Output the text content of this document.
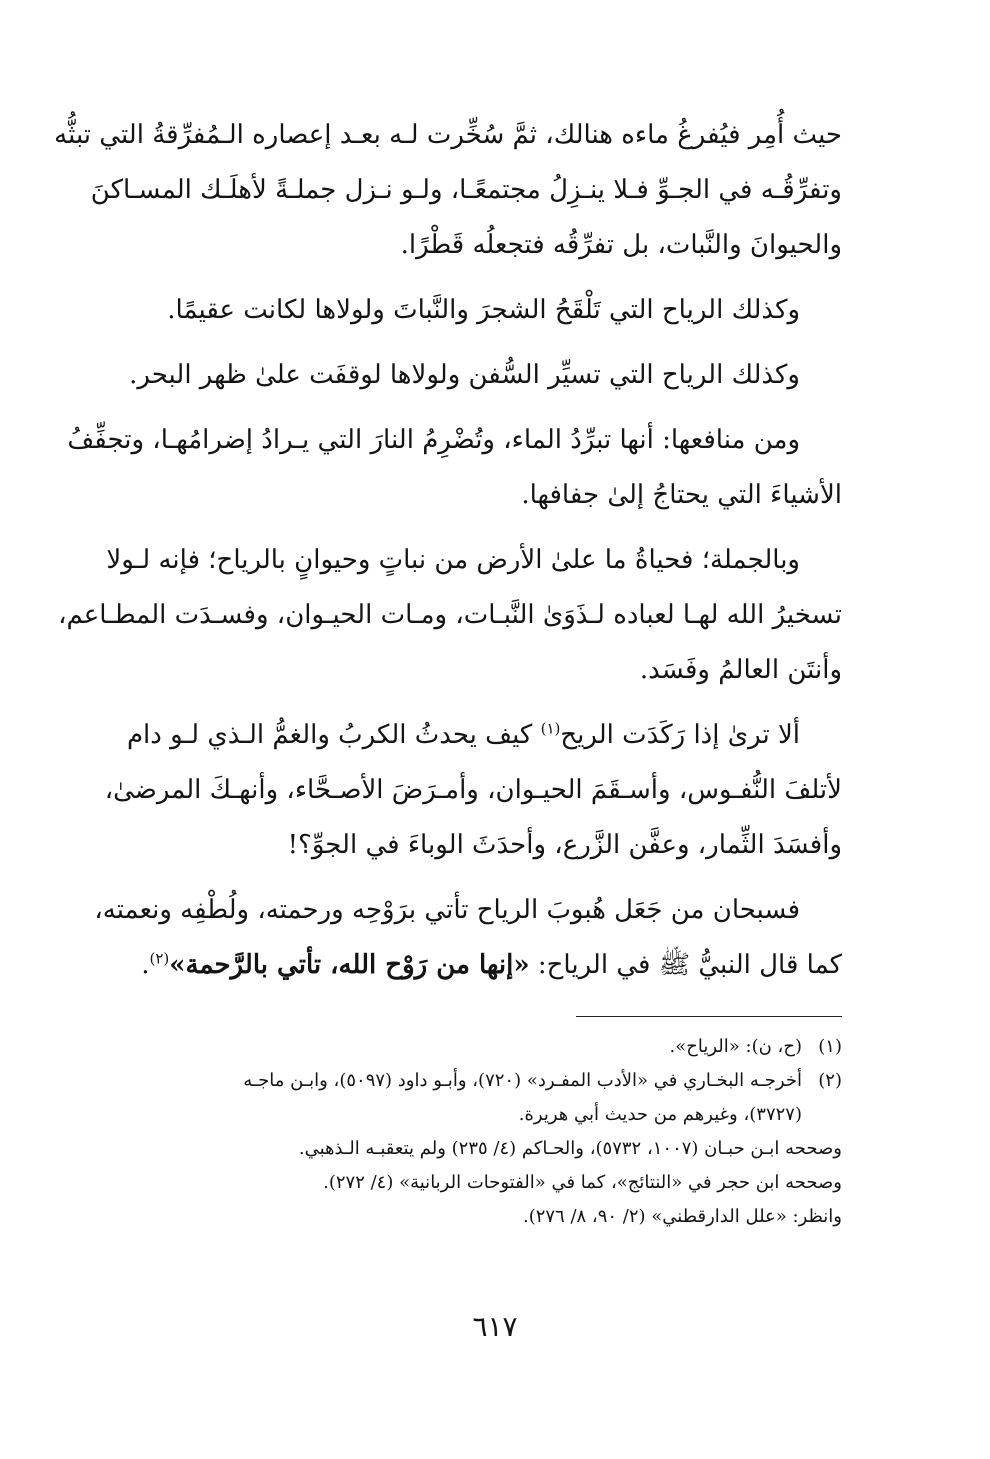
حيث أُمِر فيُفرغُ ماءه هنالك، ثمَّ سُخِّرت لـه بعـد إعصاره الـمُفرِّقةُ التي تبثُّه
وتفرِّقُـه في الجـوِّ فـلا ينـزِلُ مجتمعًـا، ولـو نـزل جملـةً لأهلَـك المسـاكنَ
والحيوانَ والنَّبات، بل تفرِّقُه فتجعلُه قَطْرًا.
وكذلك الرياح التي تَلْقَحُ الشجرَ والنَّباتَ ولولاها لكانت عقيمًا.
وكذلك الرياح التي تسيِّر السُّفن ولولاها لوقفَت علىٰ ظهر البحر.
ومن منافعها: أنها تبرِّدُ الماء، وتُضْرِمُ النارَ التي يـرادُ إضرامُهـا، وتجفِّفُ
الأشياءَ التي يحتاجُ إلىٰ جفافها.
وبالجملة؛ فحياةُ ما علىٰ الأرض من نباتٍ وحيوانٍ بالرياح؛ فإنه لـولا
تسخيرُ الله لهـا لعباده لـذَوَىٰ النَّبـات، ومـات الحيـوان، وفسـدَت المطـاعم،
وأنتَن العالمُ وفَسَد.
ألا ترىٰ إذا رَكَدَت الريح$^{(١)}$ كيف يحدثُ الكربُ والغمُّ الـذي لـو دام
لأتلفَ النُّفـوس، وأسـقَمَ الحيـوان، وأمـرَضَ الأصـحَّاء، وأنهـكَ المرضىٰ،
وأفسَدَ الثِّمار، وعفَّن الزَّرع، وأحدَثَ الوباءَ في الجوِّ؟!
فسبحان من جَعَل هُبوبَ الرياح تأتي برَوْحِه ورحمته، ولُطْفِه ونعمته،
كما قال النبيُّ ﷺ في الرياح: «إنها من رَوْح الله، تأتي بالرَّحمة»$^{(٢)}$.
(١)(ح، ن): «الرياح».
(٢)أخرجـه البخـاري في «الأدب المفـرد» (٧٢٠)، وأبـو داود (٥٠٩٧)، وابـن ماجـه
(٣٧٢٧)، وغيرهم من حديث أبي هريرة.
وصححه ابـن حبـان (١٠٠٧، ٥٧٣٢)، والحـاكم (٤/ ٢٣٥) ولم يتعقبـه الـذهبي.
وصححه ابن حجر في «النتائج»، كما في «الفتوحات الربانية» (٤/ ٢٧٢).
وانظر: «علل الدارقطني» (٢/ ٩٠، ٨/ ٢٧٦).
٦١٧
